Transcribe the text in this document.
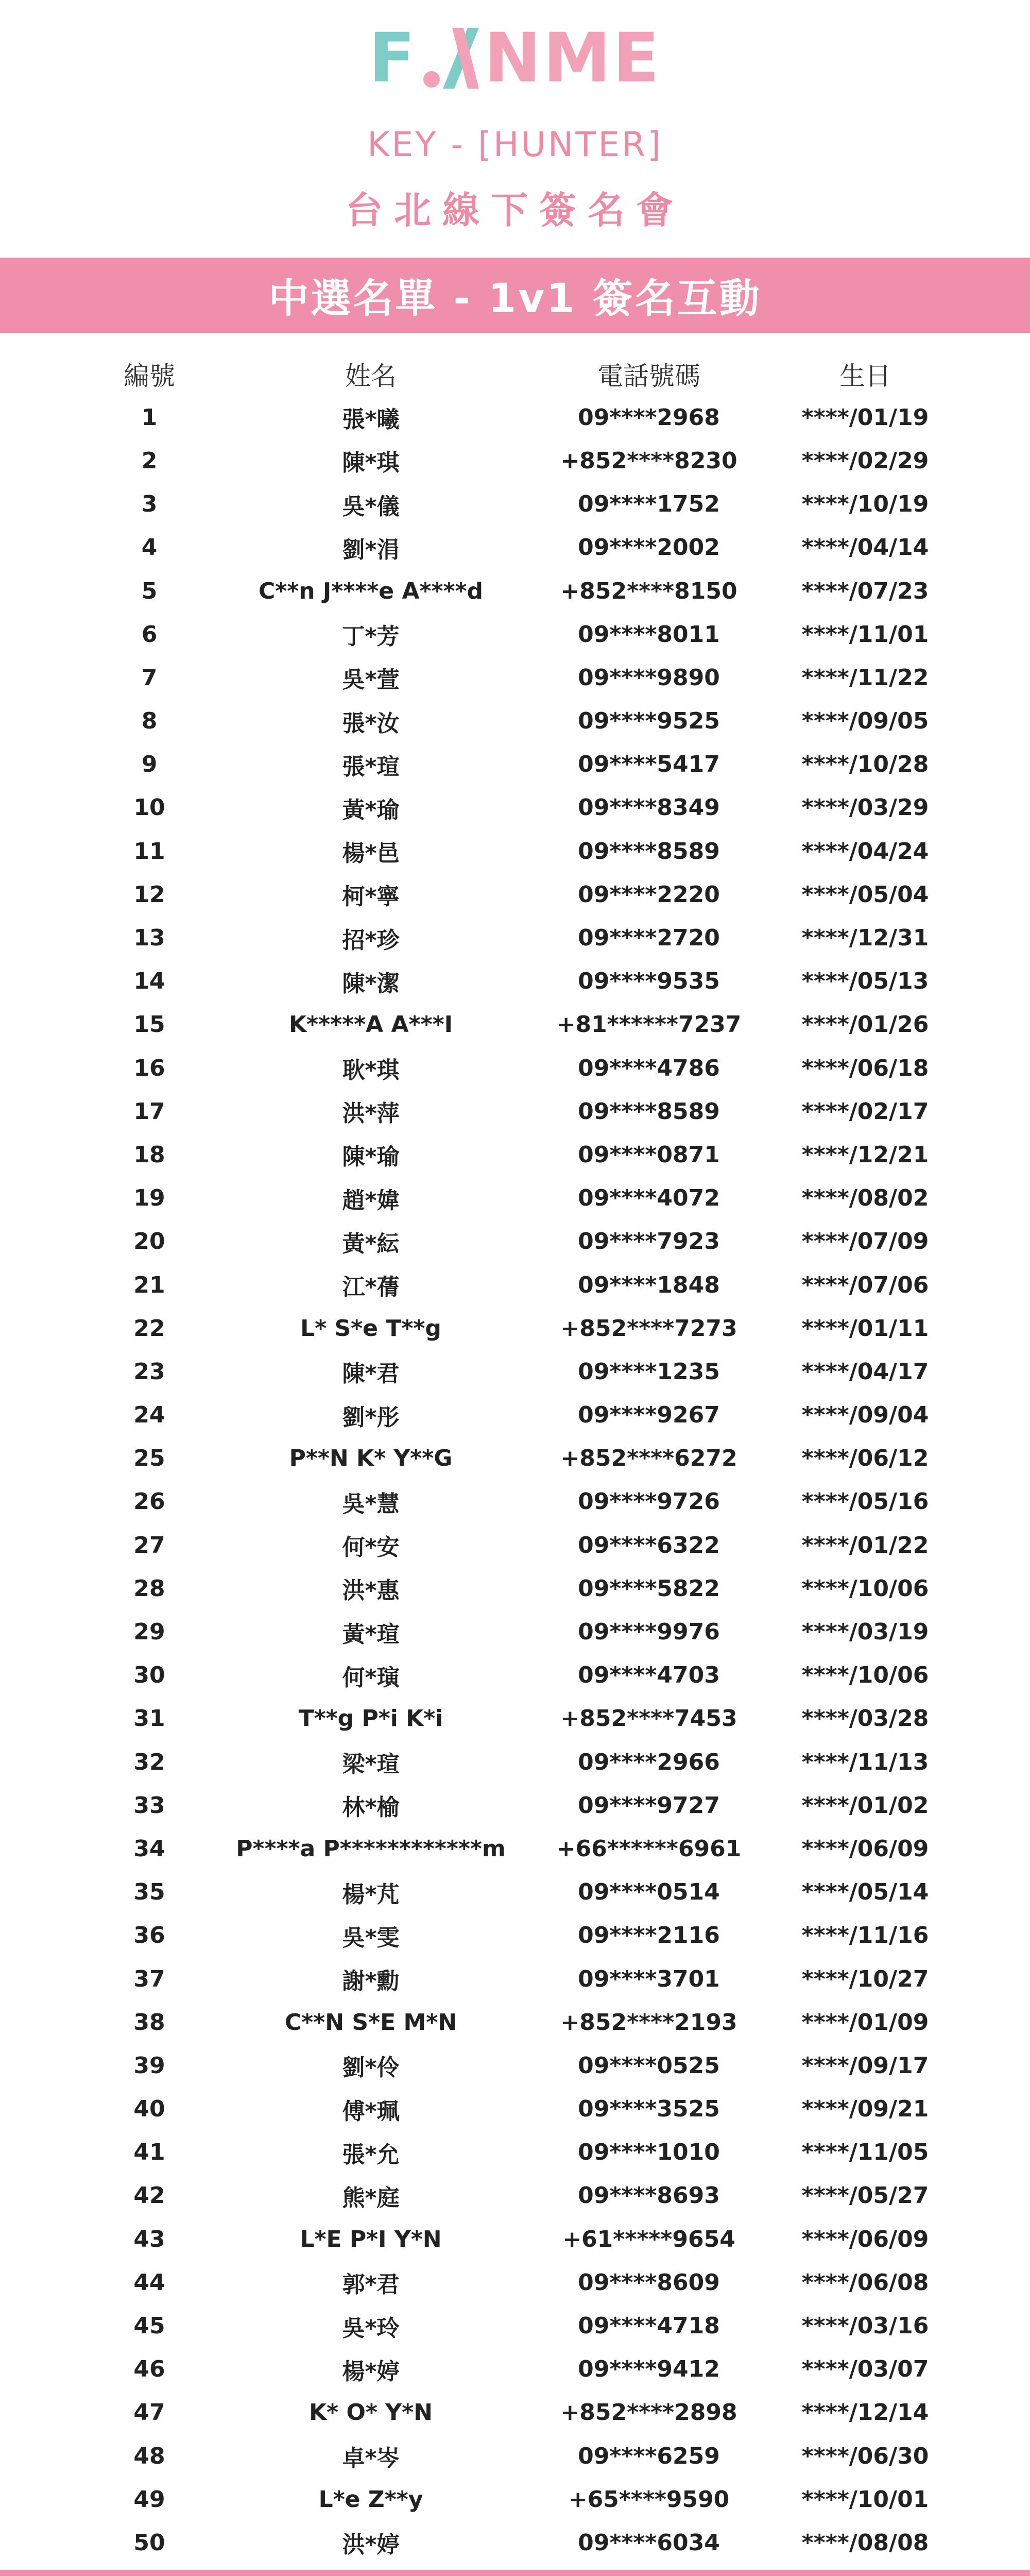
F NME
KEY - [HUNTER]
台北線下簽名會
中選名單 - 1v1 簽名互動
編號	姓名	電話號碼	生日
1	張*曦	09****2968	****/01/19
2	陳*琪	+852****8230	****/02/29
3	吳*儀	09****1752	****/10/19
4	劉*涓	09****2002	****/04/14
5	C**n J****e A****d	+852****8150	****/07/23
6	丁*芳	09****8011	****/11/01
7	吳*萱	09****9890	****/11/22
8	張*汝	09****9525	****/09/05
9	張*瑄	09****5417	****/10/28
10	黃*瑜	09****8349	****/03/29
11	楊*邑	09****8589	****/04/24
12	柯*寧	09****2220	****/05/04
13	招*珍	09****2720	****/12/31
14	陳*潔	09****9535	****/05/13
15	K*****A A***I	+81******7237	****/01/26
16	耿*琪	09****4786	****/06/18
17	洪*萍	09****8589	****/02/17
18	陳*瑜	09****0871	****/12/21
19	趙*媁	09****4072	****/08/02
20	黃*紜	09****7923	****/07/09
21	江*蒨	09****1848	****/07/06
22	L* S*e T**g	+852****7273	****/01/11
23	陳*君	09****1235	****/04/17
24	劉*彤	09****9267	****/09/04
25	P**N K* Y**G	+852****6272	****/06/12
26	吳*慧	09****9726	****/05/16
27	何*安	09****6322	****/01/22
28	洪*惠	09****5822	****/10/06
29	黃*瑄	09****9976	****/03/19
30	何*璌	09****4703	****/10/06
31	T**g P*i K*i	+852****7453	****/03/28
32	梁*瑄	09****2966	****/11/13
33	林*榆	09****9727	****/01/02
34	P****a P************m +66******6961	****/06/09
35	楊*芃	09****0514	****/05/14
36	吳*雯	09****2116	****/11/16
37	謝*勳	09****3701	****/10/27
38	C**N S*E M*N	+852****2193	****/01/09
39	劉*伶	09****0525	****/09/17
40	傅*珮	09****3525	****/09/21
41	張*允	09****1010	****/11/05
42	熊*庭	09****8693	****/05/27
43	L*E P*I Y*N	+61*****9654	****/06/09
44	郭*君	09****8609	****/06/08
45	吳*玲	09****4718	****/03/16
46	楊*婷	09****9412	****/03/07
47	K* O* Y*N	+852****2898	****/12/14
48	卓*岑	09****6259	****/06/30
49	L*e Z**y	+65****9590	****/10/01
50	洪*婷	09****6034	****/08/08
